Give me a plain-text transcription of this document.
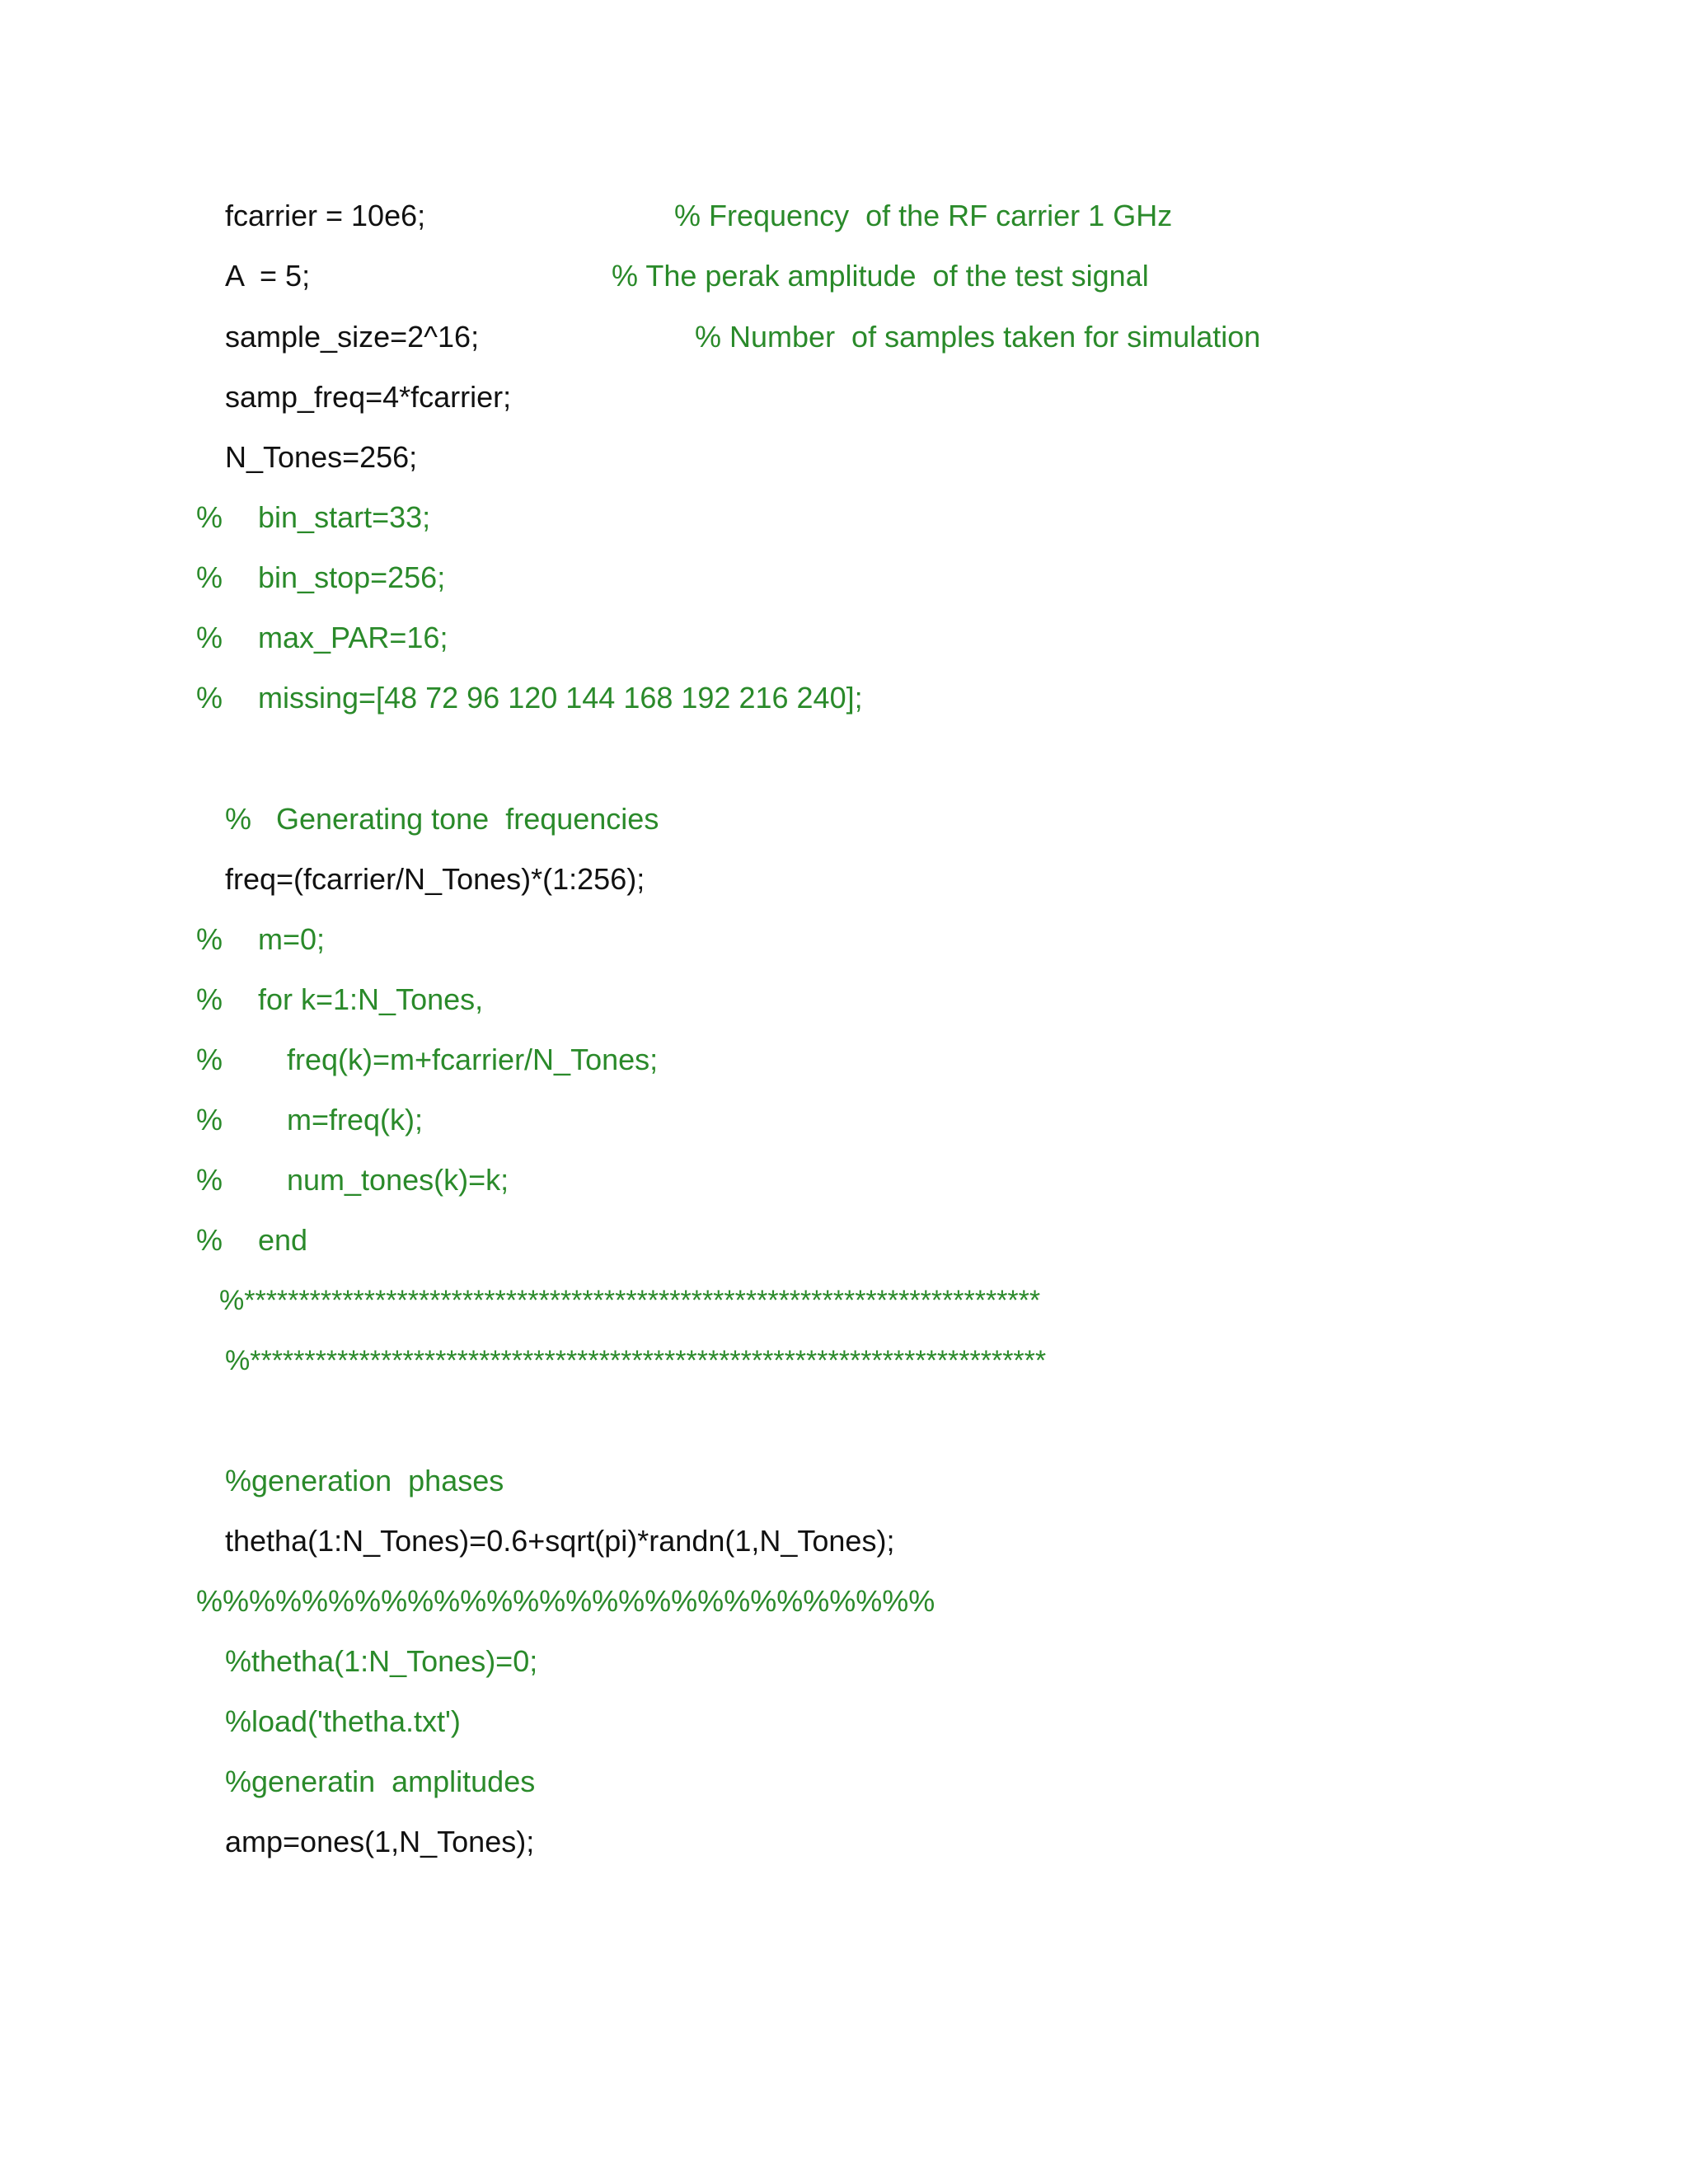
fcarrier = 10e6;	% Frequency  of the RF carrier 1 GHz
A  = 5;	% The perak amplitude  of the test signal
sample_size=2^16;	% Number  of samples taken for simulation
samp_freq=4*fcarrier;
N_Tones=256;
% bin_start=33;
% bin_stop=256;
% max_PAR=16;
% missing=[48 72 96 120 144 168 192 216 240];
%   Generating tone  frequencies
freq=(fcarrier/N_Tones)*(1:256);
% m=0;
% for k=1:N_Tones,
% freq(k)=m+fcarrier/N_Tones;
% m=freq(k);
% num_tones(k)=k;
% end
%*************************************************************************
%*************************************************************************
%generation  phases
thetha(1:N_Tones)=0.6+sqrt(pi)*randn(1,N_Tones);
%%%%%%%%%%%%%%%%%%%%%%%%%%%%
%thetha(1:N_Tones)=0;
%load('thetha.txt')
%generatin  amplitudes
amp=ones(1,N_Tones);
